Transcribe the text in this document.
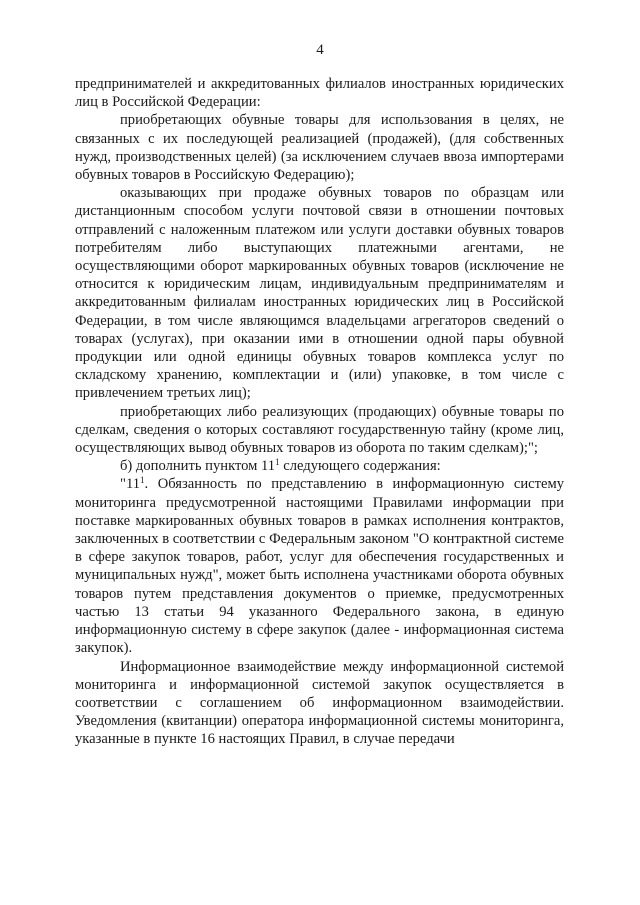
4

предпринимателей и аккредитованных филиалов иностранных юридических лиц в Российской Федерации:

приобретающих обувные товары для использования в целях, не связанных с их последующей реализацией (продажей), (для собственных нужд, производственных целей) (за исключением случаев ввоза импортерами обувных товаров в Российскую Федерацию);

оказывающих при продаже обувных товаров по образцам или дистанционным способом услуги почтовой связи в отношении почтовых отправлений с наложенным платежом или услуги доставки обувных товаров потребителям либо выступающих платежными агентами, не осуществляющими оборот маркированных обувных товаров (исключение не относится к юридическим лицам, индивидуальным предпринимателям и аккредитованным филиалам иностранных юридических лиц в Российской Федерации, в том числе являющимся владельцами агрегаторов сведений о товарах (услугах), при оказании ими в отношении одной пары обувной продукции или одной единицы обувных товаров комплекса услуг по складскому хранению, комплектации и (или) упаковке, в том числе с привлечением третьих лиц);

приобретающих либо реализующих (продающих) обувные товары по сделкам, сведения о которых составляют государственную тайну (кроме лиц, осуществляющих вывод обувных товаров из оборота по таким сделкам);";

б) дополнить пунктом $11^1$ следующего содержания:

"$11^1$. Обязанность по представлению в информационную систему мониторинга предусмотренной настоящими Правилами информации при поставке маркированных обувных товаров в рамках исполнения контрактов, заключенных в соответствии с Федеральным законом "О контрактной системе в сфере закупок товаров, работ, услуг для обеспечения государственных и муниципальных нужд", может быть исполнена участниками оборота обувных товаров путем представления документов о приемке, предусмотренных частью 13 статьи 94 указанного Федерального закона, в единую информационную систему в сфере закупок (далее - информационная система закупок).

Информационное взаимодействие между информационной системой мониторинга и информационной системой закупок осуществляется в соответствии с соглашением об информационном взаимодействии. Уведомления (квитанции) оператора информационной системы мониторинга, указанные в пункте 16 настоящих Правил, в случае передачи
